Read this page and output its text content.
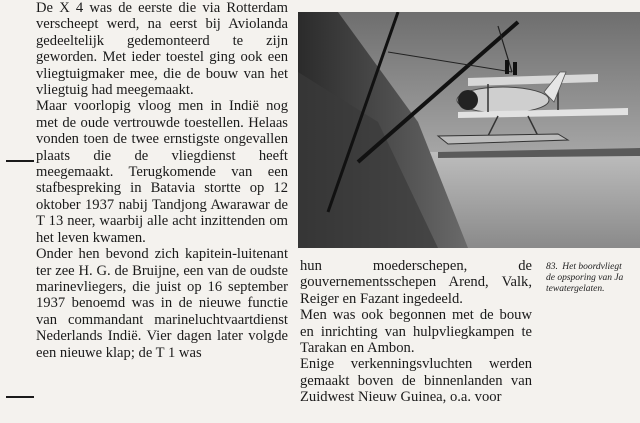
De X 4 was de eerste die via Rotterdam verscheept werd, na eerst bij Aviolanda gedeeltelijk gedemonteerd te zijn geworden. Met ieder toestel ging ook een vliegtuigmaker mee, die de bouw van het vliegtuig had meegemaakt.

Maar voorlopig vloog men in Indië nog met de oude vertrouwde toestellen. Helaas vonden toen de twee ernstigste ongevallen plaats die de vliegdienst heeft meegemaakt. Terugkomende van een stafbespreking in Batavia stortte op 12 oktober 1937 nabij Tandjong Awarawar de T 13 neer, waarbij alle acht inzittenden om het leven kwamen.

Onder hen bevond zich kapitein-luitenant ter zee H. G. de Bruijne, een van de oudste marinevliegers, die juist op 16 september 1937 benoemd was in de nieuwe functie van commandant marineluchtvaartdienst Nederlands Indië. Vier dagen later volgde een nieuwe klap; de T 1 was

hun moederschepen, de gouvernementsschepen Arend, Valk, Reiger en Fazant ingedeeld.

Men was ook begonnen met de bouw en inrichting van hulpvliegkampen te Tarakan en Ambon.

Enige verkenningsvluchten werden gemaakt boven de binnenlanden van Zuidwest Nieuw Guinea, o.a. voor

83. Het boordvliegt
de opsporing van Ja
tewatergelaten.
